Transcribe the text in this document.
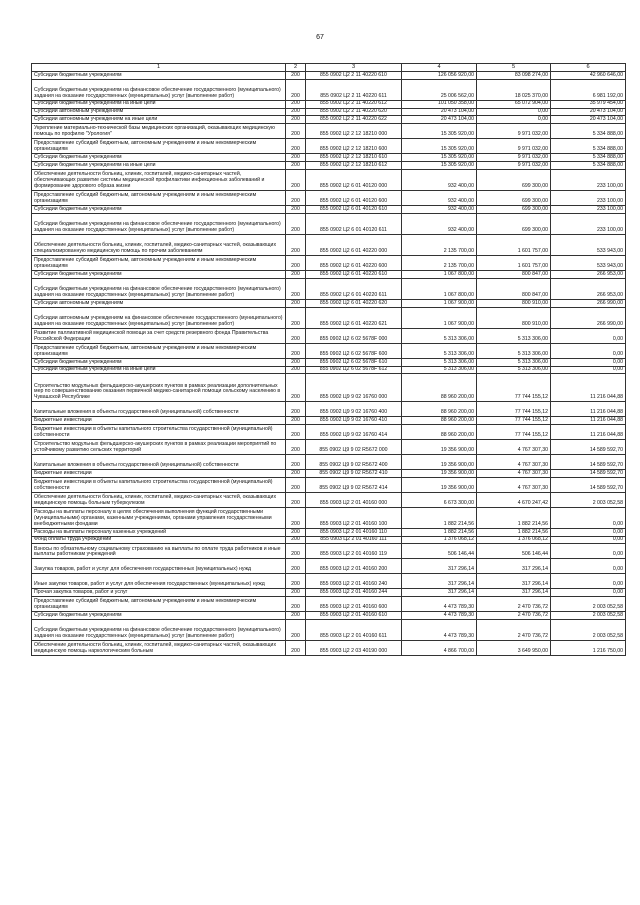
67
1	2	3	4	5	6
Субсидии бюджетным учреждениям	200	855 0902 Ц2 2 11 40220 610	126 056 920,00	83 098 274,00	42 960 646,00
Субсидии бюджетным учреждениям на финансовое обеспечение государственного (муниципального) задания на оказание государственных (муниципальных) услуг (выполнение работ)	200	855 0902 Ц2 2 11 40220 611	25 006 562,00	18 025 370,00	6 981 192,00
Субсидии бюджетным учреждениям на иные цели	200	855 0902 Ц2 2 11 40220 612	101 050 358,00	65 072 904,00	35 979 454,00
Субсидии автономным учреждениям	200	855 0902 Ц2 2 11 40220 620	20 473 104,00	0,00	20 473 104,00
Субсидии автономным учреждениям на иные цели	200	855 0902 Ц2 2 11 40220 622	20 473 104,00	0,00	20 473 104,00
Укрепление материально-технической базы медицинских организаций, оказывающих медицинскую помощь по профилю "Урология"	200	855 0902 Ц2 2 12 18210 000	15 305 920,00	9 971 032,00	5 334 888,00
Предоставление субсидий бюджетным, автономным учреждениям и иным некоммерческим организациям	200	855 0902 Ц2 2 12 18210 600	15 305 920,00	9 971 032,00	5 334 888,00
Субсидии бюджетным учреждениям	200	855 0902 Ц2 2 12 18210 610	15 305 920,00	9 971 032,00	5 334 888,00
Субсидии бюджетным учреждениям на иные цели	200	855 0902 Ц2 2 12 18210 612	15 305 920,00	9 971 032,00	5 334 888,00
Обеспечение деятельности больниц, клиник, госпиталей, медико-санитарных частей, обеспечивающих развитие системы медицинской профилактики инфекционных заболеваний и формирование здорового образа жизни	200	855 0902 Ц2 6 01 40120 000	932 400,00	699 300,00	233 100,00
Предоставление субсидий бюджетным, автономным учреждениям и иным некоммерческим организациям	200	855 0902 Ц2 6 01 40120 600	932 400,00	699 300,00	233 100,00
Субсидии бюджетным учреждениям	200	855 0902 Ц2 6 01 40120 610	932 400,00	699 300,00	233 100,00
Субсидии бюджетным учреждениям на финансовое обеспечение государственного (муниципального) задания на оказание государственных (муниципальных) услуг (выполнение работ)	200	855 0902 Ц2 6 01 40120 611	932 400,00	699 300,00	233 100,00
Обеспечение деятельности больниц, клиник, госпиталей, медико-санитарных частей, оказывающих специализированную медицинскую помощь по прочим заболеваниям	200	855 0902 Ц2 6 01 40220 000	2 135 700,00	1 601 757,00	533 943,00
Предоставление субсидий бюджетным, автономным учреждениям и иным некоммерческим организациям	200	855 0902 Ц2 6 01 40220 600	2 135 700,00	1 601 757,00	533 943,00
Субсидии бюджетным учреждениям	200	855 0902 Ц2 6 01 40220 610	1 067 800,00	800 847,00	266 953,00
Субсидии бюджетным учреждениям на финансовое обеспечение государственного (муниципального) задания на оказание государственных (муниципальных) услуг (выполнение работ)	200	855 0902 Ц2 6 01 40220 611	1 067 800,00	800 847,00	266 953,00
Субсидии автономным учреждениям	200	855 0902 Ц2 6 01 40220 620	1 067 900,00	800 910,00	266 990,00
Субсидии автономным учреждениям на финансовое обеспечение государственного (муниципального) задания на оказание государственных (муниципальных) услуг (выполнение работ)	200	855 0902 Ц2 6 01 40220 621	1 067 900,00	800 910,00	266 990,00
Развитие паллиативной медицинской помощи за счет средств резервного фонда Правительства Российской Федерации	200	855 0902 Ц2 6 02 5678F 000	5 313 306,00	5 313 306,00	0,00
Предоставление субсидий бюджетным, автономным учреждениям и иным некоммерческим организациям	200	855 0902 Ц2 6 02 5678F 600	5 313 306,00	5 313 306,00	0,00
Субсидии бюджетным учреждениям	200	855 0902 Ц2 6 02 5678F 610	5 313 306,00	5 313 306,00	0,00
Субсидии бюджетным учреждениям на иные цели	200	855 0902 Ц2 6 02 5678F 612	5 313 306,00	5 313 306,00	0,00
Строительство модульных фельдшерско-акушерских пунктов в рамках реализации дополнительных мер по совершенствованию оказания первичной медико-санитарной помощи сельскому населению в Чувашской Республике	200	855 0902 Ц9 9 02 16760 000	88 960 200,00	77 744 155,12	11 216 044,88
Капитальные вложения в объекты государственной (муниципальной) собственности	200	855 0902 Ц9 9 02 16760 400	88 960 200,00	77 744 155,12	11 216 044,88
Бюджетные инвестиции	200	855 0902 Ц9 9 02 16760 410	88 960 200,00	77 744 155,12	11 216 044,88
Бюджетные инвестиции в объекты капитального строительства государственной (муниципальной) собственности	200	855 0902 Ц9 9 02 16760 414	88 960 200,00	77 744 155,12	11 216 044,88
Строительство модульных фельдшерско-акушерских пунктов в рамках реализации мероприятий по устойчивому развитию сельских территорий	200	855 0902 Ц9 9 02 R5672 000	19 356 900,00	4 767 307,30	14 589 592,70
Капитальные вложения в объекты государственной (муниципальной) собственности	200	855 0902 Ц9 9 02 R5672 400	19 356 900,00	4 767 307,30	14 589 592,70
Бюджетные инвестиции	200	855 0902 Ц9 9 02 R5672 410	19 356 900,00	4 767 307,30	14 589 592,70
Бюджетные инвестиции в объекты капитального строительства государственной (муниципальной) собственности	200	855 0902 Ц9 9 02 R5672 414	19 356 900,00	4 767 307,30	14 589 592,70
Обеспечение деятельности больниц, клиник, госпиталей, медико-санитарных частей, оказывающих медицинскую помощь больным туберкулезом	200	855 0903 Ц2 2 01 40160 000	6 673 300,00	4 670 247,42	2 003 052,58
Расходы на выплаты персоналу в целях обеспечения выполнения функций государственными (муниципальными) органами, казенными учреждениями, органами управления государственными внебюджетными фондами	200	855 0903 Ц2 2 01 40160 100	1 882 214,56	1 882 214,56	0,00
Расходы на выплаты персоналу казенных учреждений	200	855 0903 Ц2 2 01 40160 110	1 882 214,56	1 882 214,56	0,00
Фонд оплаты труда учреждений	200	855 0903 Ц2 2 01 40160 111	1 376 068,12	1 376 068,12	0,00
Взносы по обязательному социальному страхованию на выплаты по оплате труда работников и иные выплаты работникам учреждений	200	855 0903 Ц2 2 01 40160 119	506 146,44	506 146,44	0,00
Закупка товаров, работ и услуг для обеспечения государственных (муниципальных) нужд	200	855 0903 Ц2 2 01 40160 200	317 296,14	317 296,14	0,00
Иные закупки товаров, работ и услуг для обеспечения государственных (муниципальных) нужд	200	855 0903 Ц2 2 01 40160 240	317 296,14	317 296,14	0,00
Прочая закупка товаров, работ и услуг	200	855 0903 Ц2 2 01 40160 244	317 296,14	317 296,14	0,00
Предоставление субсидий бюджетным, автономным учреждениям и иным некоммерческим организациям	200	855 0903 Ц2 2 01 40160 600	4 473 789,30	2 470 736,72	2 003 052,58
Субсидии бюджетным учреждениям	200	855 0903 Ц2 2 01 40160 610	4 473 789,30	2 470 736,72	2 003 052,58
Субсидии бюджетным учреждениям на финансовое обеспечение государственного (муниципального) задания на оказание государственных (муниципальных) услуг (выполнение работ)	200	855 0903 Ц2 2 01 40160 611	4 473 789,30	2 470 736,72	2 003 052,58
Обеспечение деятельности больниц, клиник, госпиталей, медико-санитарных частей, оказывающих медицинскую помощь наркологическим больным	200	855 0903 Ц2 2 03 40190 000	4 866 700,00	3 649 950,00	1 216 750,00
